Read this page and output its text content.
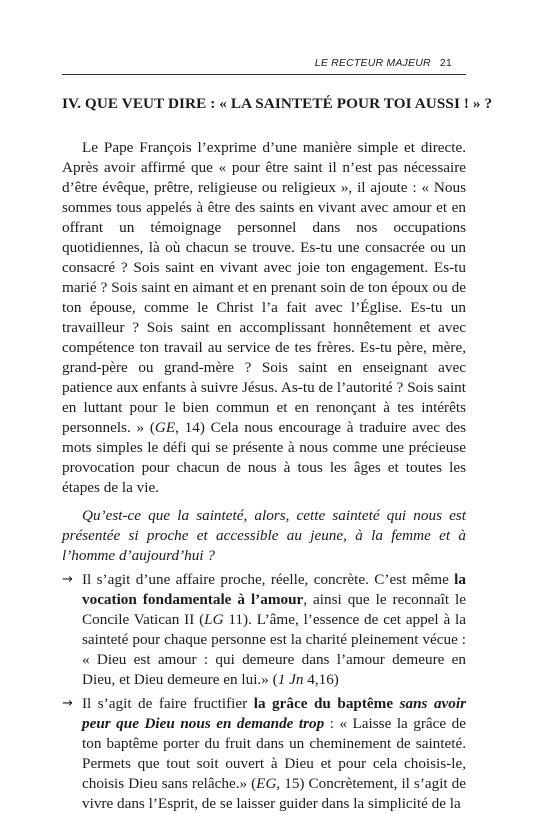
LE RECTEUR MAJEUR 21
IV. QUE VEUT DIRE : « LA SAINTETÉ POUR TOI AUSSI ! » ?

Le Pape François l’exprime d’une manière simple et directe. Après avoir affirmé que « pour être saint il n’est pas nécessaire d’être évêque, prêtre, religieuse ou religieux », il ajoute : « Nous sommes tous appelés à être des saints en vivant avec amour et en offrant un témoignage personnel dans nos occupations quotidiennes, là où chacun se trouve. Es-tu une consacrée ou un consacré ? Sois saint en vivant avec joie ton engagement. Es-tu marié ? Sois saint en aimant et en prenant soin de ton époux ou de ton épouse, comme le Christ l’a fait avec l’Église. Es-tu un travailleur ? Sois saint en accomplissant honnêtement et avec compétence ton travail au service de tes frères. Es-tu père, mère, grand-père ou grand-mère ? Sois saint en enseignant avec patience aux enfants à suivre Jésus. As-tu de l’autorité ? Sois saint en luttant pour le bien commun et en renonçant à tes intérêts personnels. » (GE, 14) Cela nous encourage à traduire avec des mots simples le défi qui se présente à nous comme une précieuse provocation pour chacun de nous à tous les âges et toutes les étapes de la vie.

Qu’est-ce que la sainteté, alors, cette sainteté qui nous est présentée si proche et accessible au jeune, à la femme et à l’homme d’aujourd’hui ?

→ Il s’agit d’une affaire proche, réelle, concrète. C’est même la vocation fondamentale à l’amour, ainsi que le reconnaît le Concile Vatican II (LG 11). L’âme, l’essence de cet appel à la sainteté pour chaque personne est la charité pleinement vécue : « Dieu est amour : qui demeure dans l’amour demeure en Dieu, et Dieu demeure en lui.» (1 Jn 4,16)
→ Il s’agit de faire fructifier la grâce du baptême sans avoir peur que Dieu nous en demande trop : « Laisse la grâce de ton baptême porter du fruit dans un cheminement de sainteté. Permets que tout soit ouvert à Dieu et pour cela choisis-le, choisis Dieu sans relâche.» (EG, 15) Concrètement, il s’agit de vivre dans l’Esprit, de se laisser guider dans la simplicité de la
